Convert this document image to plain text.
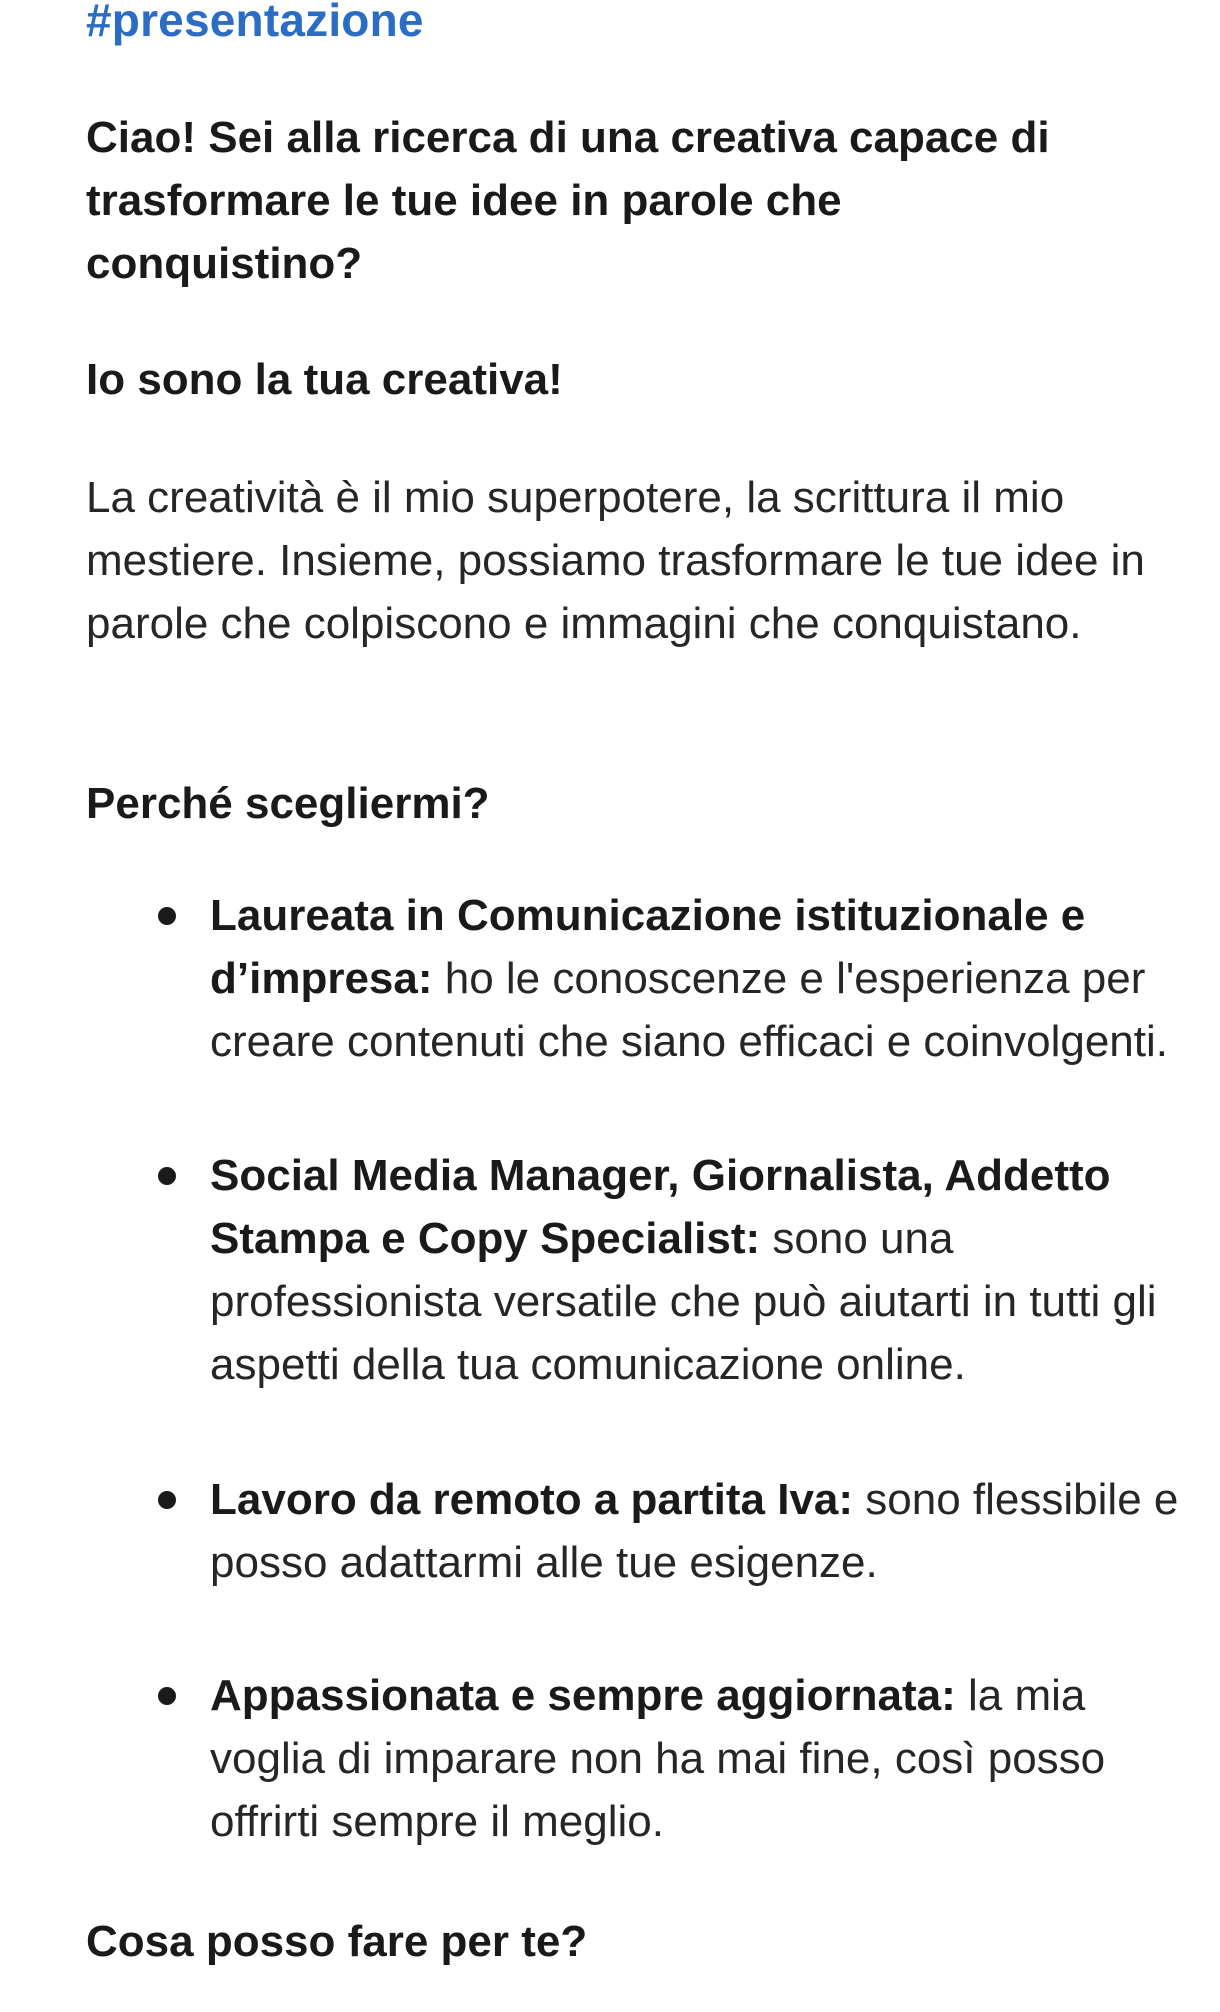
#presentazione

Ciao! Sei alla ricerca di una creativa capace di trasformare le tue idee in parole che conquistino?

Io sono la tua creativa!

La creatività è il mio superpotere, la scrittura il mio mestiere. Insieme, possiamo trasformare le tue idee in parole che colpiscono e immagini che conquistano.

Perché scegliermi?

Laureata in Comunicazione istituzionale e d’impresa: ho le conoscenze e l'esperienza per creare contenuti che siano efficaci e coinvolgenti.
Social Media Manager, Giornalista, Addetto Stampa e Copy Specialist: sono una professionista versatile che può aiutarti in tutti gli aspetti della tua comunicazione online.
Lavoro da remoto a partita Iva: sono flessibile e posso adattarmi alle tue esigenze.
Appassionata e sempre aggiornata: la mia voglia di imparare non ha mai fine, così posso offrirti sempre il meglio.

Cosa posso fare per te?
